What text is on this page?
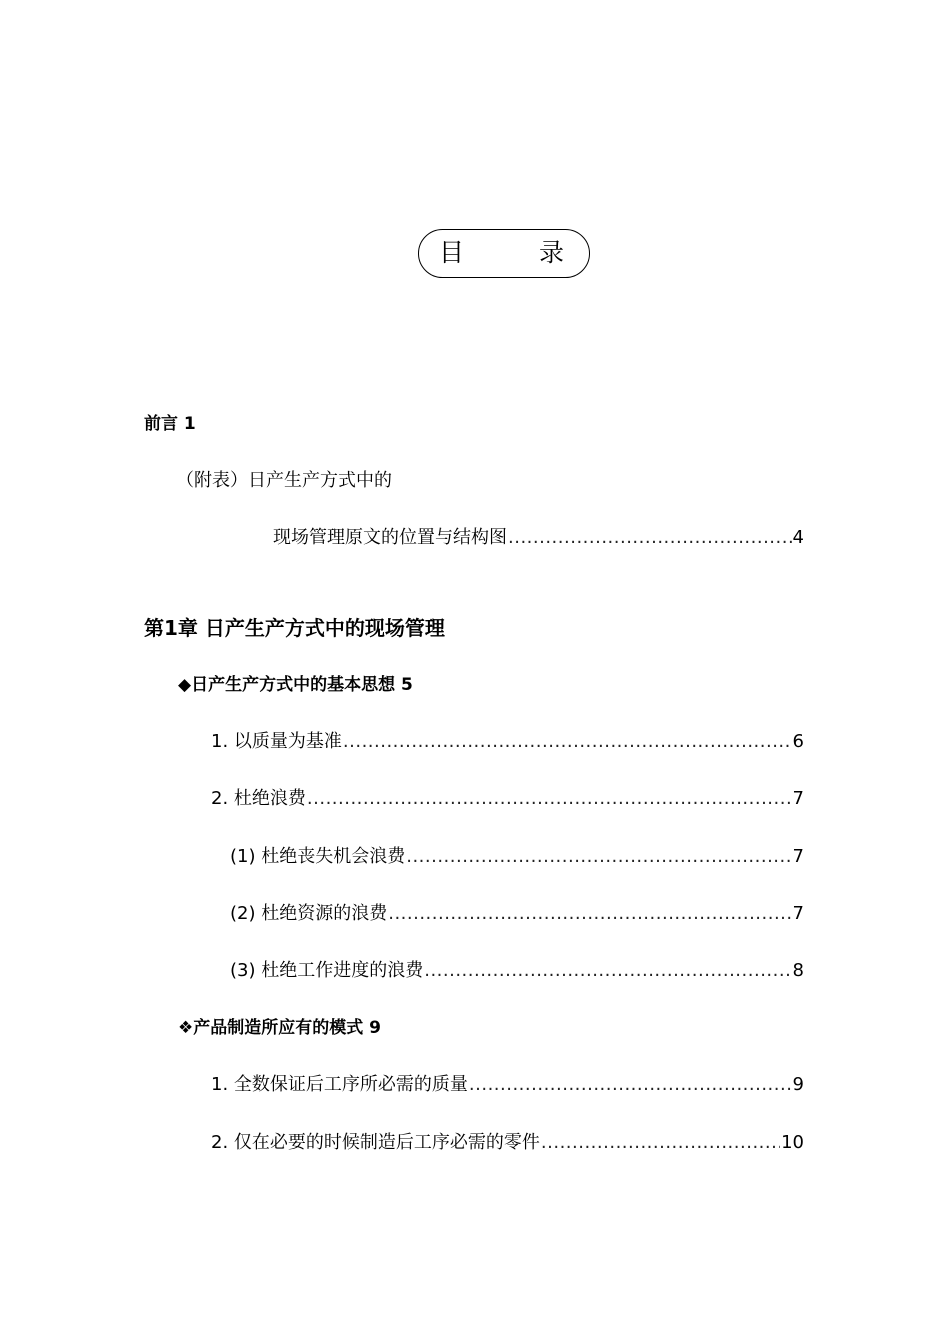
目	录
前言 1
（附表）日产生产方式中的
现场管理原文的位置与结构图 .....	4
第1章 日产生产方式中的现场管理
◆日产生产方式中的基本思想 5
1. 以质量为基准 .....	6
2. 杜绝浪费 .....	7
(1) 杜绝丧失机会浪费 .....	7
(2) 杜绝资源的浪费 .....	7
(3) 杜绝工作进度的浪费 .....	8
❖产品制造所应有的模式 9
1. 全数保证后工序所必需的质量 .....	9
2. 仅在必要的时候制造后工序必需的零件 .....	10
